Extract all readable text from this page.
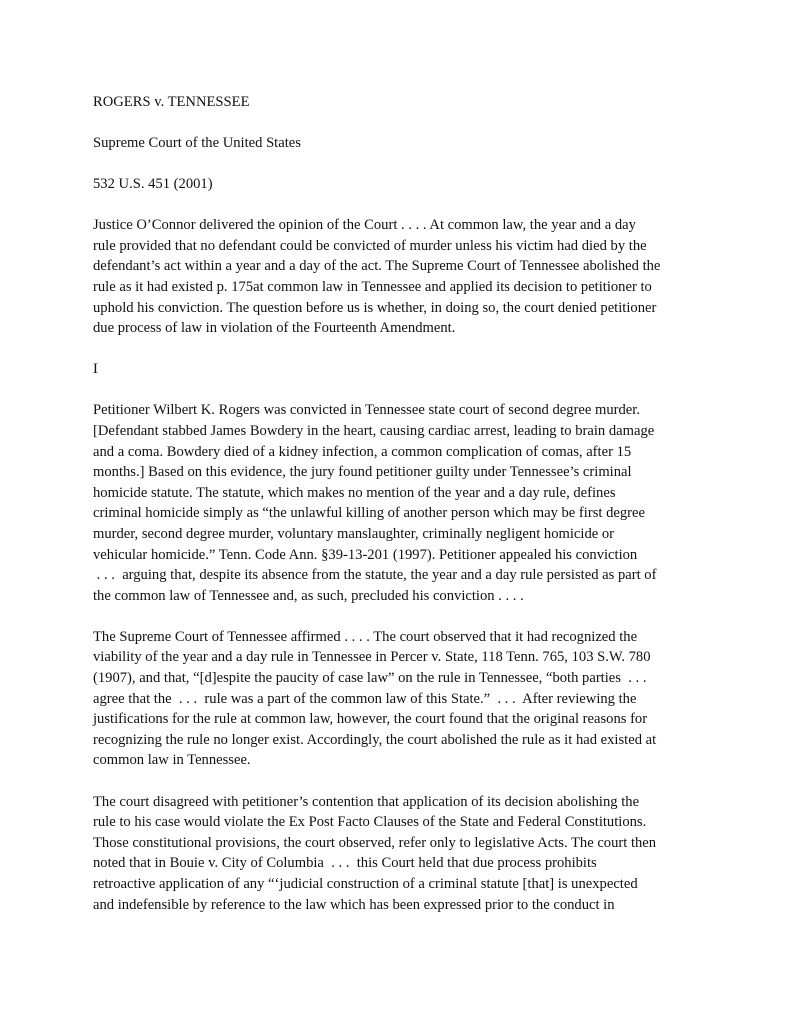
ROGERS v. TENNESSEE

Supreme Court of the United States

532 U.S. 451 (2001)

Justice O’Connor delivered the opinion of the Court . . . . At common law, the year and a day
rule provided that no defendant could be convicted of murder unless his victim had died by the
defendant’s act within a year and a day of the act. The Supreme Court of Tennessee abolished the
rule as it had existed p. 175at common law in Tennessee and applied its decision to petitioner to
uphold his conviction. The question before us is whether, in doing so, the court denied petitioner
due process of law in violation of the Fourteenth Amendment.

I

Petitioner Wilbert K. Rogers was convicted in Tennessee state court of second degree murder.
[Defendant stabbed James Bowdery in the heart, causing cardiac arrest, leading to brain damage
and a coma. Bowdery died of a kidney infection, a common complication of comas, after 15
months.] Based on this evidence, the jury found petitioner guilty under Tennessee’s criminal
homicide statute. The statute, which makes no mention of the year and a day rule, defines
criminal homicide simply as “the unlawful killing of another person which may be first degree
murder, second degree murder, voluntary manslaughter, criminally negligent homicide or
vehicular homicide.” Tenn. Code Ann. §39-13-201 (1997). Petitioner appealed his conviction
. . .  arguing that, despite its absence from the statute, the year and a day rule persisted as part of
the common law of Tennessee and, as such, precluded his conviction . . . .

The Supreme Court of Tennessee affirmed . . . . The court observed that it had recognized the
viability of the year and a day rule in Tennessee in Percer v. State, 118 Tenn. 765, 103 S.W. 780
(1907), and that, “[d]espite the paucity of case law” on the rule in Tennessee, “both parties  . . .
agree that the  . . .  rule was a part of the common law of this State.”  . . .  After reviewing the
justifications for the rule at common law, however, the court found that the original reasons for
recognizing the rule no longer exist. Accordingly, the court abolished the rule as it had existed at
common law in Tennessee.

The court disagreed with petitioner’s contention that application of its decision abolishing the
rule to his case would violate the Ex Post Facto Clauses of the State and Federal Constitutions.
Those constitutional provisions, the court observed, refer only to legislative Acts. The court then
noted that in Bouie v. City of Columbia  . . .  this Court held that due process prohibits
retroactive application of any “‘judicial construction of a criminal statute [that] is unexpected
and indefensible by reference to the law which has been expressed prior to the conduct in
